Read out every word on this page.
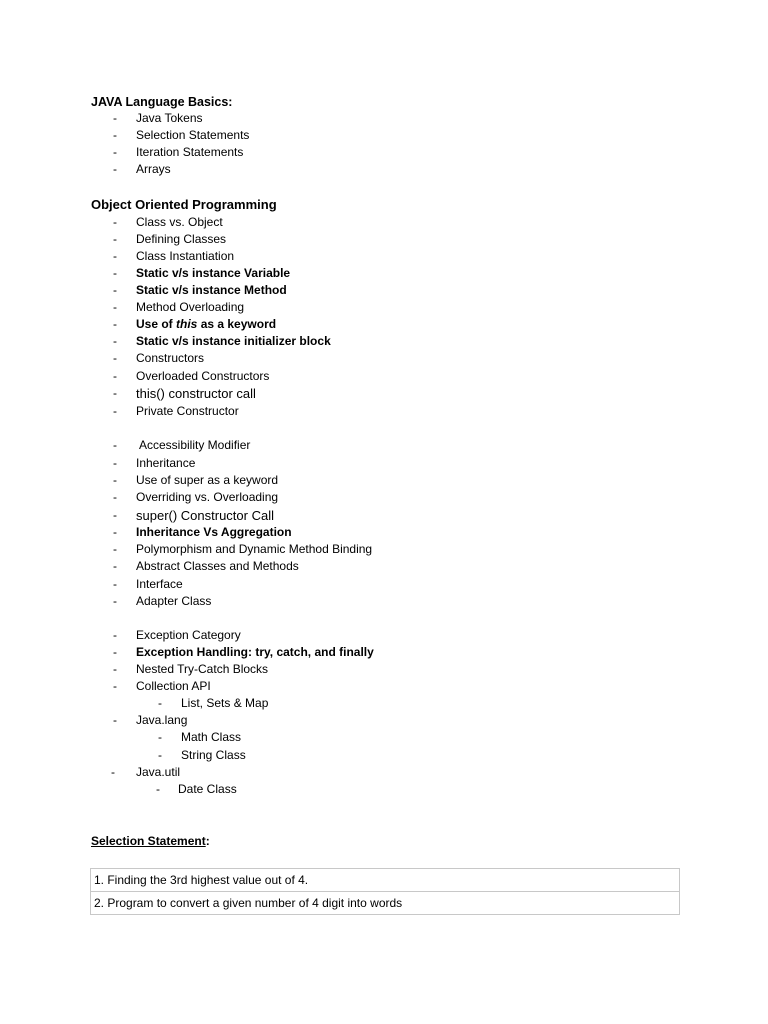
JAVA Language Basics:
- Java Tokens
- Selection Statements
- Iteration Statements
- Arrays
Object Oriented Programming
- Class vs. Object
- Defining Classes
- Class Instantiation
- Static v/s instance Variable
- Static v/s instance Method
- Method Overloading
- Use of this as a keyword
- Static v/s instance initializer block
- Constructors
- Overloaded Constructors
- this() constructor call
- Private Constructor
- Accessibility Modifier
- Inheritance
- Use of super as a keyword
- Overriding vs. Overloading
- super() Constructor Call
- Inheritance Vs Aggregation
- Polymorphism and Dynamic Method Binding
- Abstract Classes and Methods
- Interface
- Adapter Class
- Exception Category
- Exception Handling: try, catch, and finally
- Nested Try-Catch Blocks
- Collection API
- List, Sets & Map
- Java.lang
- Math Class
- String Class
- Java.util
- Date Class
Selection Statement:
1. Finding the 3rd highest value out of 4.
2. Program to convert a given number of 4 digit into words
